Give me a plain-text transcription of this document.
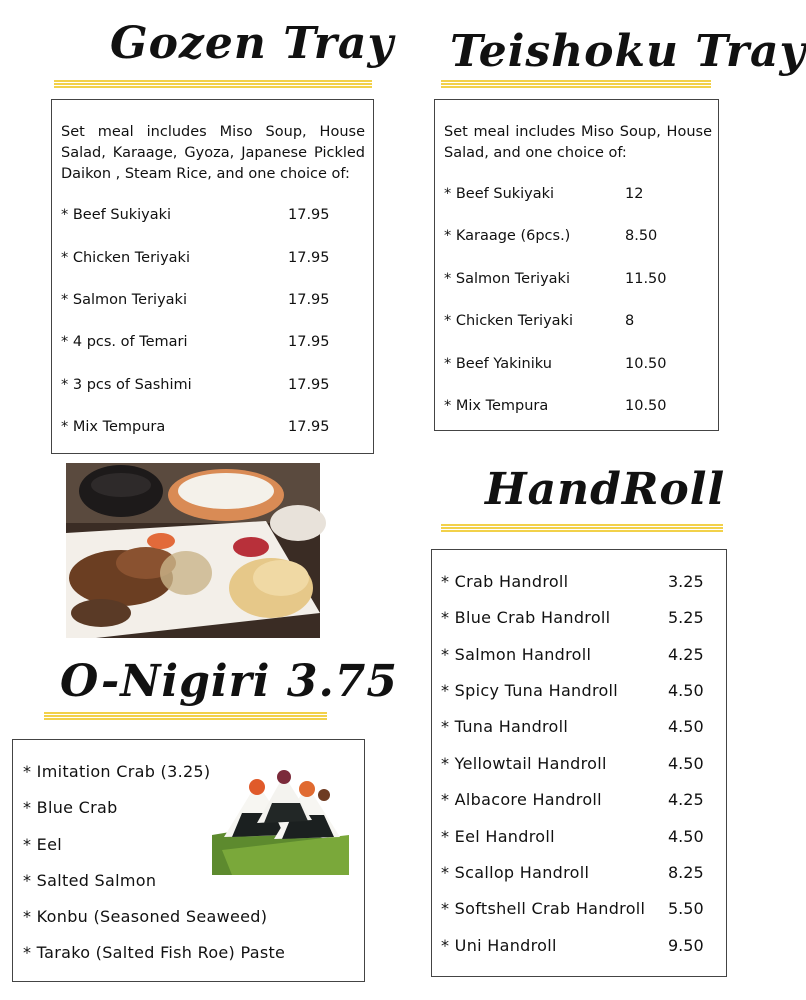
Gozen Tray
Set meal includes Miso Soup, House Salad, Karaage, Gyoza, Japanese Pickled Daikon , Steam Rice, and one choice of:
* Beef Sukiyaki	17.95
* Chicken Teriyaki	17.95
* Salmon Teriyaki	17.95
* 4 pcs. of Temari	17.95
* 3 pcs of Sashimi	17.95
* Mix Tempura	17.95
O-Nigiri 3.75
* Imitation Crab (3.25)
* Blue Crab
* Eel
* Salted Salmon
* Konbu (Seasoned Seaweed)
* Tarako (Salted Fish Roe) Paste
Teishoku Tray
Set meal includes Miso Soup, House Salad, and one choice of:
* Beef Sukiyaki	12
* Karaage (6pcs.)	8.50
* Salmon Teriyaki	11.50
* Chicken Teriyaki	8
* Beef Yakiniku	10.50
* Mix Tempura	10.50
HandRoll
* Crab Handroll	3.25
* Blue Crab Handroll	5.25
* Salmon Handroll	4.25
* Spicy Tuna Handroll	4.50
* Tuna Handroll	4.50
* Yellowtail Handroll	4.50
* Albacore Handroll	4.25
* Eel Handroll	4.50
* Scallop Handroll	8.25
* Softshell Crab Handroll 5.50
* Uni Handroll	9.50
